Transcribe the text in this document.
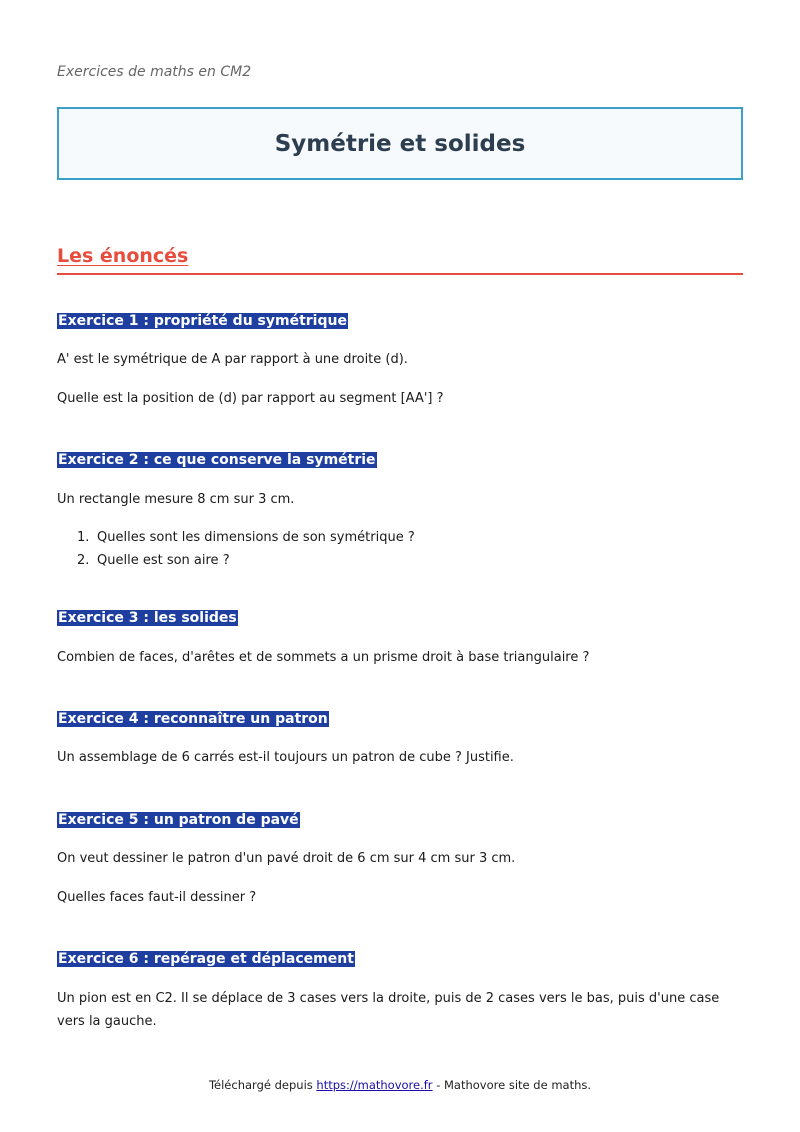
Exercices de maths en CM2
Symétrie et solides
Les énoncés
Exercice 1 : propriété du symétrique

A' est le symétrique de A par rapport à une droite (d).

Quelle est la position de (d) par rapport au segment [AA'] ?

Exercice 2 : ce que conserve la symétrie

Un rectangle mesure 8 cm sur 3 cm.

1. Quelles sont les dimensions de son symétrique ?
2. Quelle est son aire ?
Exercice 3 : les solides

Combien de faces, d'arêtes et de sommets a un prisme droit à base triangulaire ?

Exercice 4 : reconnaître un patron

Un assemblage de 6 carrés est-il toujours un patron de cube ? Justifie.

Exercice 5 : un patron de pavé

On veut dessiner le patron d'un pavé droit de 6 cm sur 4 cm sur 3 cm.

Quelles faces faut-il dessiner ?

Exercice 6 : repérage et déplacement

Un pion est en C2. Il se déplace de 3 cases vers la droite, puis de 2 cases vers le bas, puis d'une case vers la gauche.

Téléchargé depuis https://mathovore.fr - Mathovore site de maths.
